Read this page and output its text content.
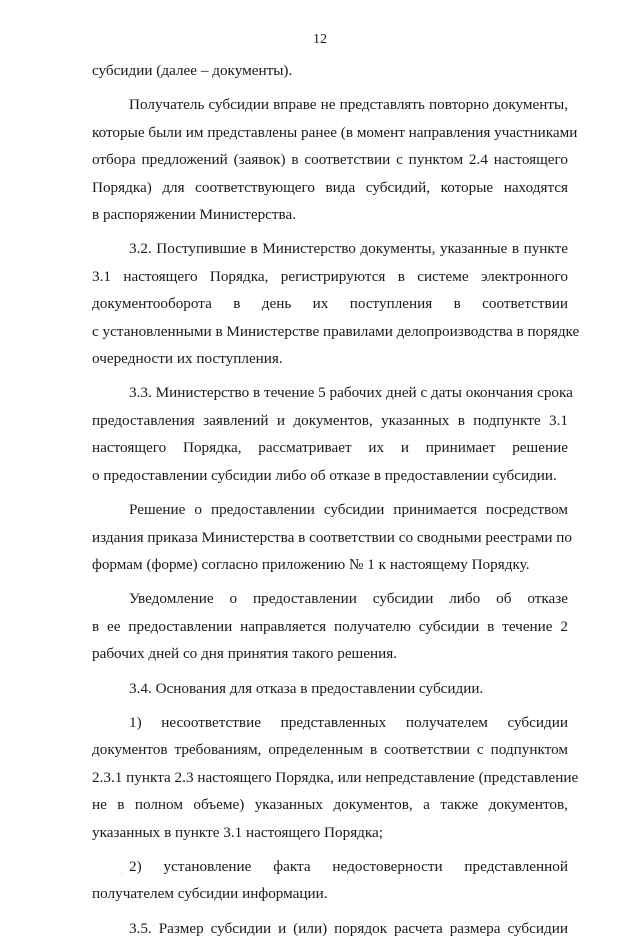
12
субсидии (далее – документы).
Получатель субсидии вправе не представлять повторно документы,
которые были им представлены ранее (в момент направления участниками
отбора предложений (заявок) в соответствии с пунктом 2.4 настоящего
Порядка) для соответствующего вида субсидий, которые находятся
в распоряжении Министерства.
3.2. Поступившие в Министерство документы, указанные в пункте
3.1 настоящего Порядка, регистрируются в системе электронного
документооборота в день их поступления в соответствии
с установленными в Министерстве правилами делопроизводства в порядке
очередности их поступления.
3.3. Министерство в течение 5 рабочих дней с даты окончания срока
предоставления заявлений и документов, указанных в подпункте 3.1
настоящего Порядка, рассматривает их и принимает решение
о предоставлении субсидии либо об отказе в предоставлении субсидии.
Решение о предоставлении субсидии принимается посредством
издания приказа Министерства в соответствии со сводными реестрами по
формам (форме) согласно приложению № 1 к настоящему Порядку.
Уведомление о предоставлении субсидии либо об отказе
в ее предоставлении направляется получателю субсидии в течение 2
рабочих дней со дня принятия такого решения.
3.4. Основания для отказа в предоставлении субсидии.
1) несоответствие представленных получателем субсидии
документов требованиям, определенным в соответствии с подпунктом
2.3.1 пункта 2.3 настоящего Порядка, или непредставление (представление
не в полном объеме) указанных документов, а также документов,
указанных в пункте 3.1 настоящего Порядка;
2) установление факта недостоверности представленной
получателем субсидии информации.
3.5. Размер субсидии и (или) порядок расчета размера субсидии
